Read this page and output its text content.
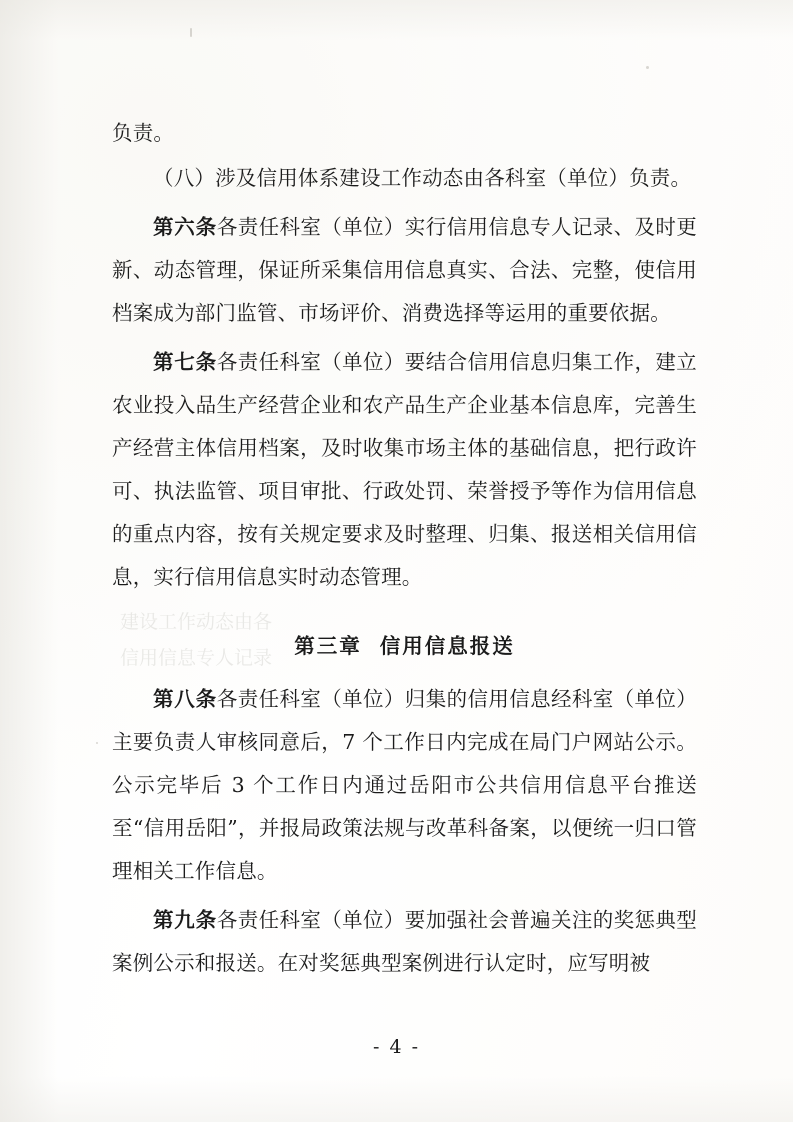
建设工作动态由各
信用信息专人记录

负责。

（八）涉及信用体系建设工作动态由各科室（单位）负责。

第六条各责任科室（单位）实行信用信息专人记录、及时更新、动态管理，保证所采集信用信息真实、合法、完整，使信用档案成为部门监管、市场评价、消费选择等运用的重要依据。

第七条各责任科室（单位）要结合信用信息归集工作，建立农业投入品生产经营企业和农产品生产企业基本信息库，完善生产经营主体信用档案，及时收集市场主体的基础信息，把行政许可、执法监管、项目审批、行政处罚、荣誉授予等作为信用信息的重点内容，按有关规定要求及时整理、归集、报送相关信用信息，实行信用信息实时动态管理。

第三章 信用信息报送

第八条各责任科室（单位）归集的信用信息经科室（单位）主要负责人审核同意后，7 个工作日内完成在局门户网站公示。公示完毕后 3 个工作日内通过岳阳市公共信用信息平台推送至“信用岳阳”，并报局政策法规与改革科备案，以便统一归口管理相关工作信息。

第九条各责任科室（单位）要加强社会普遍关注的奖惩典型案例公示和报送。在对奖惩典型案例进行认定时，应写明被

- 4 -
